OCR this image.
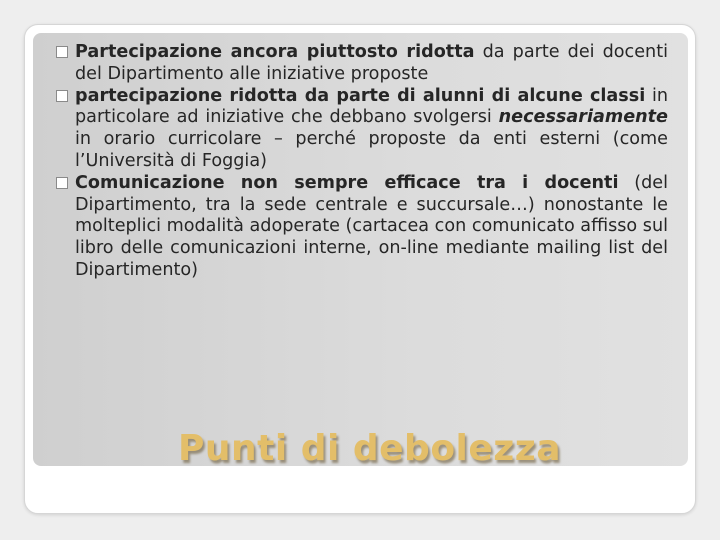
Partecipazione ancora piuttosto ridotta da parte dei docenti del Dipartimento alle iniziative proposte
partecipazione ridotta da parte di alunni di alcune classi in particolare ad iniziative che debbano svolgersi necessariamente in orario curricolare – perché proposte da enti esterni (come l’Università di Foggia)
Comunicazione non sempre efficace tra i docenti (del Dipartimento, tra la sede centrale e succursale…) nonostante le molteplici modalità adoperate (cartacea con comunicato affisso sul libro delle comunicazioni interne, on-line mediante mailing list del Dipartimento)
Punti di debolezza
